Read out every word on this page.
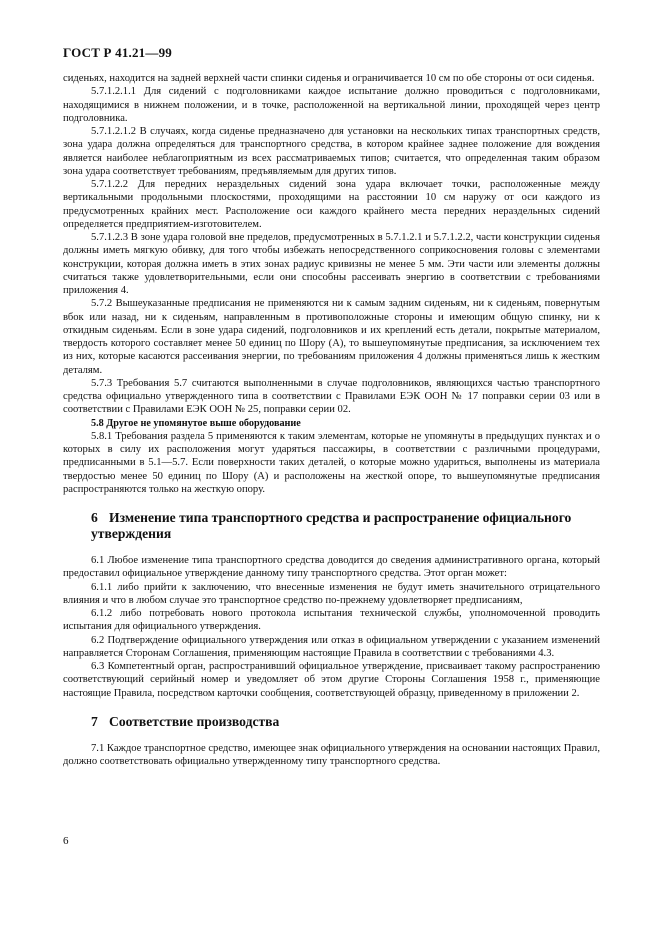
ГОСТ Р 41.21—99

сиденьях, находится на задней верхней части спинки сиденья и ограничивается 10 см по обе стороны от оси сиденья.

5.7.1.2.1.1 Для сидений с подголовниками каждое испытание должно проводиться с подголовниками, находящимися в нижнем положении, и в точке, расположенной на вертикальной линии, проходящей через центр подголовника.

5.7.1.2.1.2 В случаях, когда сиденье предназначено для установки на нескольких типах транспортных средств, зона удара должна определяться для транспортного средства, в котором крайнее заднее положение для вождения является наиболее неблагоприятным из всех рассматриваемых типов; считается, что определенная таким образом зона удара соответствует требованиям, предъявляемым для других типов.

5.7.1.2.2 Для передних нераздельных сидений зона удара включает точки, расположенные между вертикальными продольными плоскостями, проходящими на расстоянии 10 см наружу от оси каждого из предусмотренных крайних мест. Расположение оси каждого крайнего места передних нераздельных сидений определяется предприятием-изготовителем.

5.7.1.2.3 В зоне удара головой вне пределов, предусмотренных в 5.7.1.2.1 и 5.7.1.2.2, части конструкции сиденья должны иметь мягкую обивку, для того чтобы избежать непосредственного соприкосновения головы с элементами конструкции, которая должна иметь в этих зонах радиус кривизны не менее 5 мм. Эти части или элементы должны считаться также удовлетворительными, если они способны рассеивать энергию в соответствии с требованиями приложения 4.

5.7.2 Вышеуказанные предписания не применяются ни к самым задним сиденьям, ни к сиденьям, повернутым вбок или назад, ни к сиденьям, направленным в противоположные стороны и имеющим общую спинку, ни к откидным сиденьям. Если в зоне удара сидений, подголовников и их креплений есть детали, покрытые материалом, твердость которого составляет менее 50 единиц по Шору (А), то вышеупомянутые предписания, за исключением тех из них, которые касаются рассеивания энергии, по требованиям приложения 4 должны применяться лишь к жестким деталям.

5.7.3 Требования 5.7 считаются выполненными в случае подголовников, являющихся частью транспортного средства официально утвержденного типа в соответствии с Правилами ЕЭК ООН № 17 поправки серии 03 или в соответствии с Правилами ЕЭК ООН № 25, поправки серии 02.

5.8 Другое не упомянутое выше оборудование

5.8.1 Требования раздела 5 применяются к таким элементам, которые не упомянуты в предыдущих пунктах и о которых в силу их расположения могут ударяться пассажиры, в соответствии с различными процедурами, предписанными в 5.1—5.7. Если поверхности таких деталей, о которые можно удариться, выполнены из материала твердостью менее 50 единиц по Шору (А) и расположены на жесткой опоре, то вышеупомянутые предписания распространяются только на жесткую опору.

6 Изменение типа транспортного средства и распространение официального утверждения

6.1 Любое изменение типа транспортного средства доводится до сведения административного органа, который предоставил официальное утверждение данному типу транспортного средства. Этот орган может:

6.1.1 либо прийти к заключению, что внесенные изменения не будут иметь значительного отрицательного влияния и что в любом случае это транспортное средство по-прежнему удовлетворяет предписаниям,

6.1.2 либо потребовать нового протокола испытания технической службы, уполномоченной проводить испытания для официального утверждения.

6.2 Подтверждение официального утверждения или отказ в официальном утверждении с указанием изменений направляется Сторонам Соглашения, применяющим настоящие Правила в соответствии с требованиями 4.3.

6.3 Компетентный орган, распространивший официальное утверждение, присваивает такому распространению соответствующий серийный номер и уведомляет об этом другие Стороны Соглашения 1958 г., применяющие настоящие Правила, посредством карточки сообщения, соответствующей образцу, приведенному в приложении 2.

7 Соответствие производства

7.1 Каждое транспортное средство, имеющее знак официального утверждения на основании настоящих Правил, должно соответствовать официально утвержденному типу транспортного средства.

6
